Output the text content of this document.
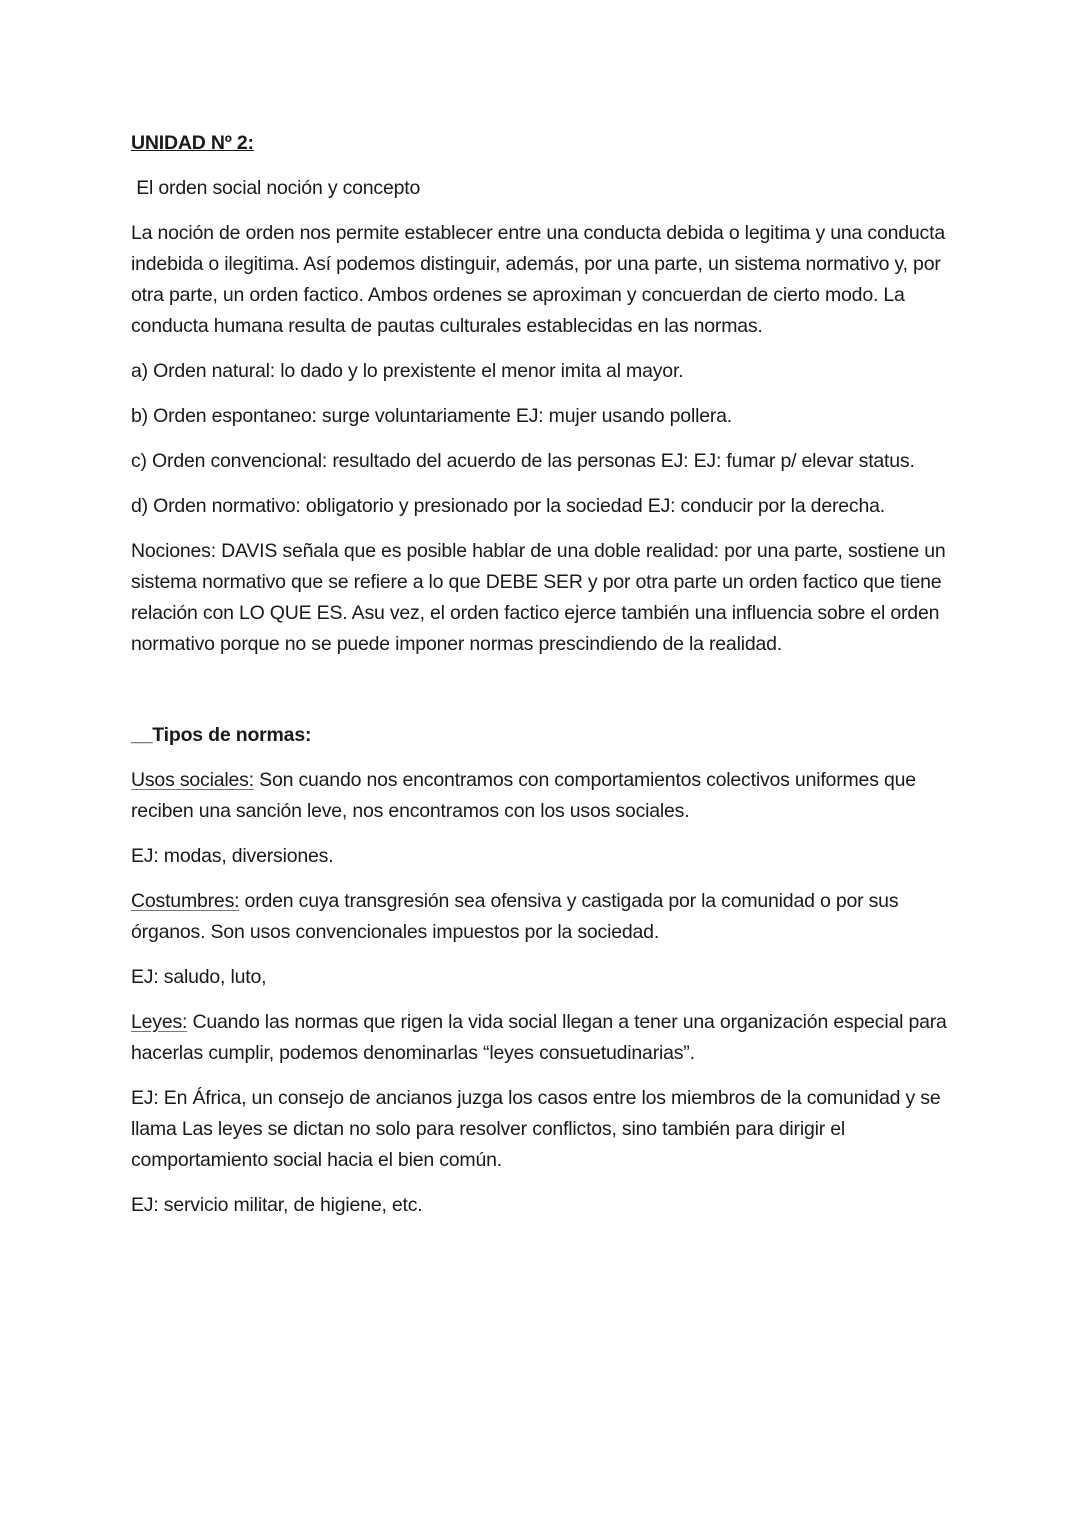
UNIDAD Nº 2:

El orden social noción y concepto

La noción de orden nos permite establecer entre una conducta debida o legitima y una conducta indebida o ilegitima. Así podemos distinguir, además, por una parte, un sistema normativo y, por otra parte, un orden factico. Ambos ordenes se aproximan y concuerdan de cierto modo. La conducta humana resulta de pautas culturales establecidas en las normas.

a) Orden natural: lo dado y lo prexistente el menor imita al mayor.

b) Orden espontaneo: surge voluntariamente EJ: mujer usando pollera.

c) Orden convencional: resultado del acuerdo de las personas EJ: EJ: fumar p/ elevar status.

d) Orden normativo: obligatorio y presionado por la sociedad EJ: conducir por la derecha.

Nociones: DAVIS señala que es posible hablar de una doble realidad: por una parte, sostiene un sistema normativo que se refiere a lo que DEBE SER y por otra parte un orden factico que tiene relación con LO QUE ES. Asu vez, el orden factico ejerce también una influencia sobre el orden normativo porque no se puede imponer normas prescindiendo de la realidad.

__Tipos de normas:

Usos sociales: Son cuando nos encontramos con comportamientos colectivos uniformes que reciben una sanción leve, nos encontramos con los usos sociales.

EJ: modas, diversiones.

Costumbres: orden cuya transgresión sea ofensiva y castigada por la comunidad o por sus órganos. Son usos convencionales impuestos por la sociedad.

EJ: saludo, luto,

Leyes: Cuando las normas que rigen la vida social llegan a tener una organización especial para hacerlas cumplir, podemos denominarlas “leyes consuetudinarias”.

EJ: En África, un consejo de ancianos juzga los casos entre los miembros de la comunidad y se llama Las leyes se dictan no solo para resolver conflictos, sino también para dirigir el comportamiento social hacia el bien común.

EJ: servicio militar, de higiene, etc.
